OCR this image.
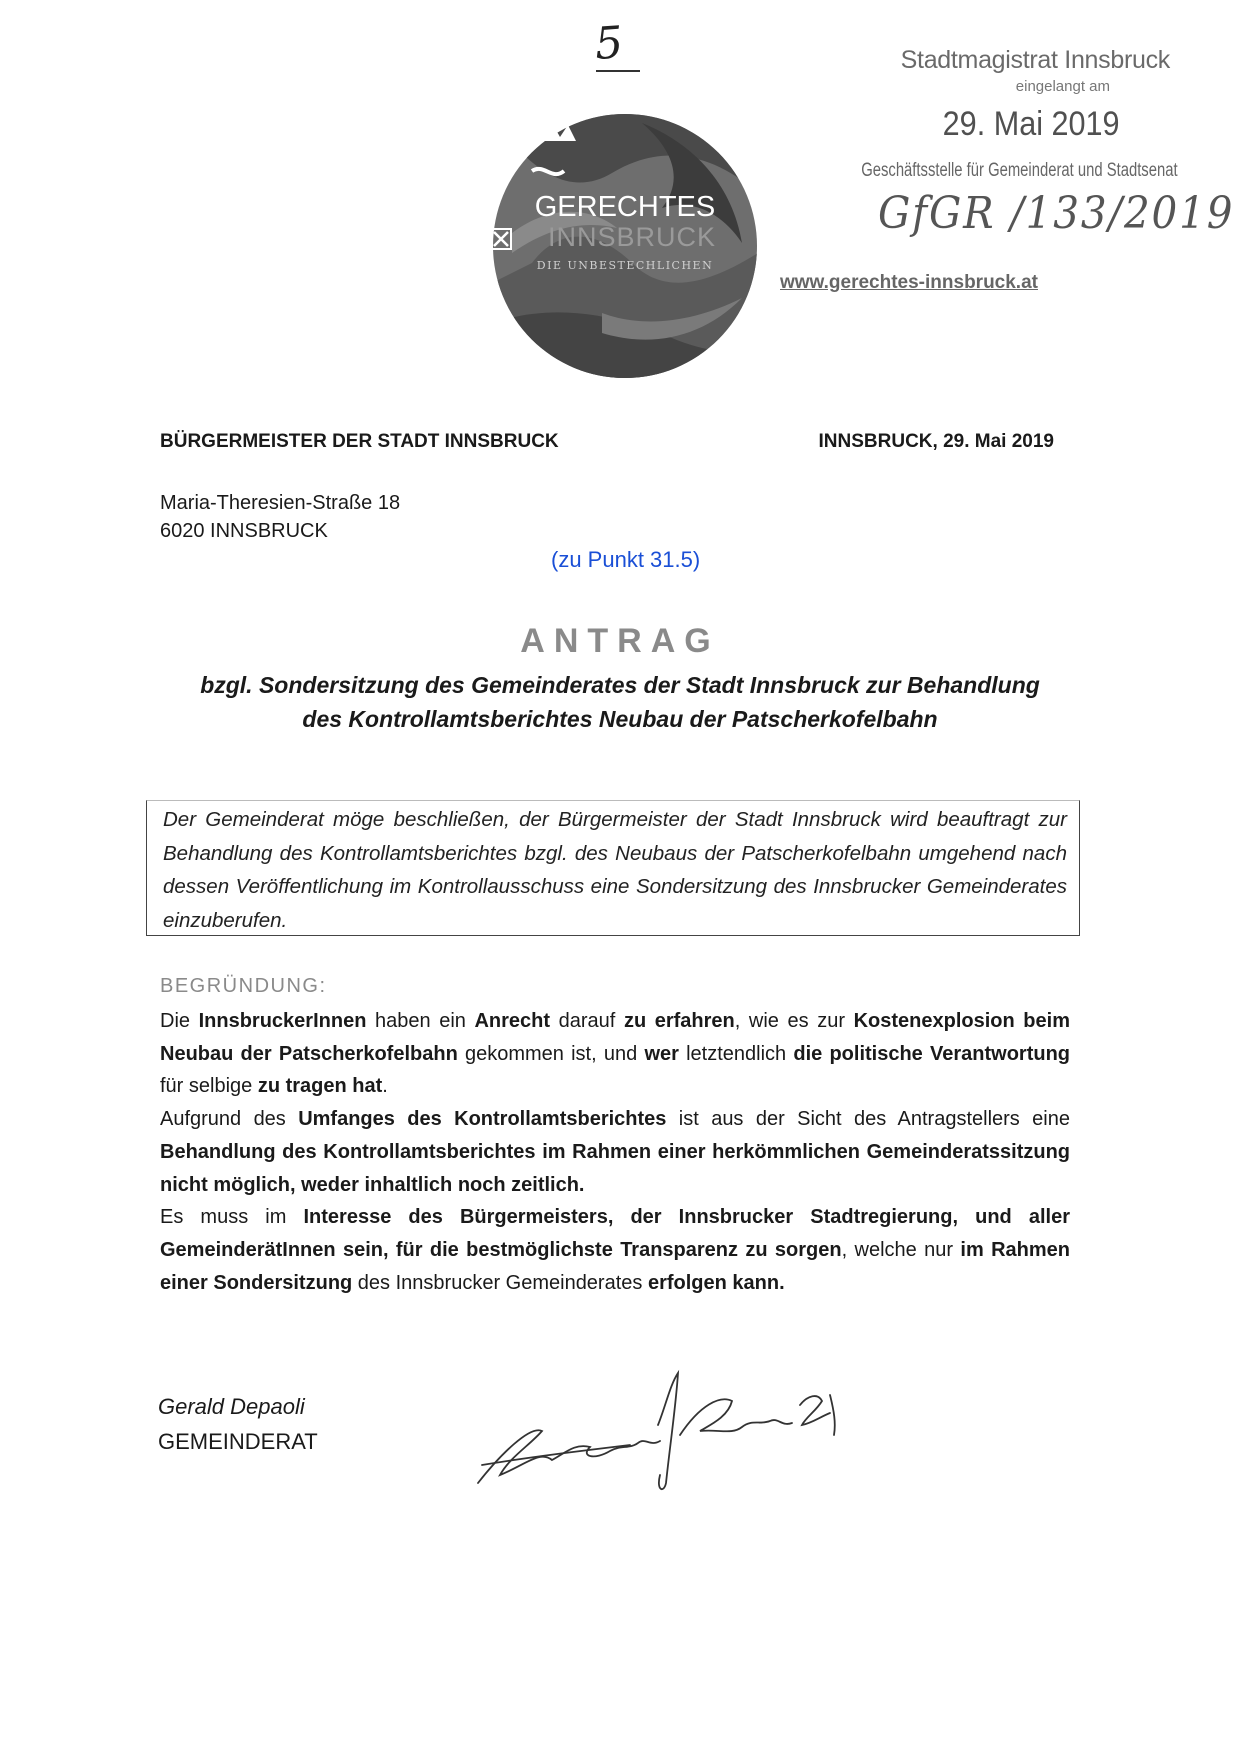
5
GERECHTES
INNSBRUCK
DIE UNBESTECHLICHEN
Stadtmagistrat Innsbruck
eingelangt am
29. Mai 2019
Geschäftsstelle für Gemeinderat und Stadtsenat
GfGR /133/2019
www.gerechtes-innsbruck.at
BÜRGERMEISTER DER STADT INNSBRUCK	INNSBRUCK, 29. Mai 2019
Maria-Theresien-Straße 18
6020 INNSBRUCK
(zu Punkt 31.5)
ANTRAG
bzgl. Sondersitzung des Gemeinderates der Stadt Innsbruck zur Behandlung
des Kontrollamtsberichtes Neubau der Patscherkofelbahn
Der Gemeinderat möge beschließen, der Bürgermeister der Stadt Innsbruck wird beauftragt zur Behandlung des Kontrollamtsberichtes bzgl. des Neubaus der Patscherkofelbahn umgehend nach dessen Veröffentlichung im Kontrollausschuss eine Sondersitzung des Innsbrucker Gemeinderates einzuberufen.
BEGRÜNDUNG:
Die InnsbruckerInnen haben ein Anrecht darauf zu erfahren, wie es zur Kostenexplosion beim Neubau der Patscherkofelbahn gekommen ist, und wer letztendlich die politische Verantwortung für selbige zu tragen hat.
Aufgrund des Umfanges des Kontrollamtsberichtes ist aus der Sicht des Antragstellers eine Behandlung des Kontrollamtsberichtes im Rahmen einer herkömmlichen Gemeinderatssitzung nicht möglich, weder inhaltlich noch zeitlich.
Es muss im Interesse des Bürgermeisters, der Innsbrucker Stadtregierung, und aller GemeinderätInnen sein, für die bestmöglichste Transparenz zu sorgen, welche nur im Rahmen einer Sondersitzung des Innsbrucker Gemeinderates erfolgen kann.
Gerald Depaoli
GEMEINDERAT
